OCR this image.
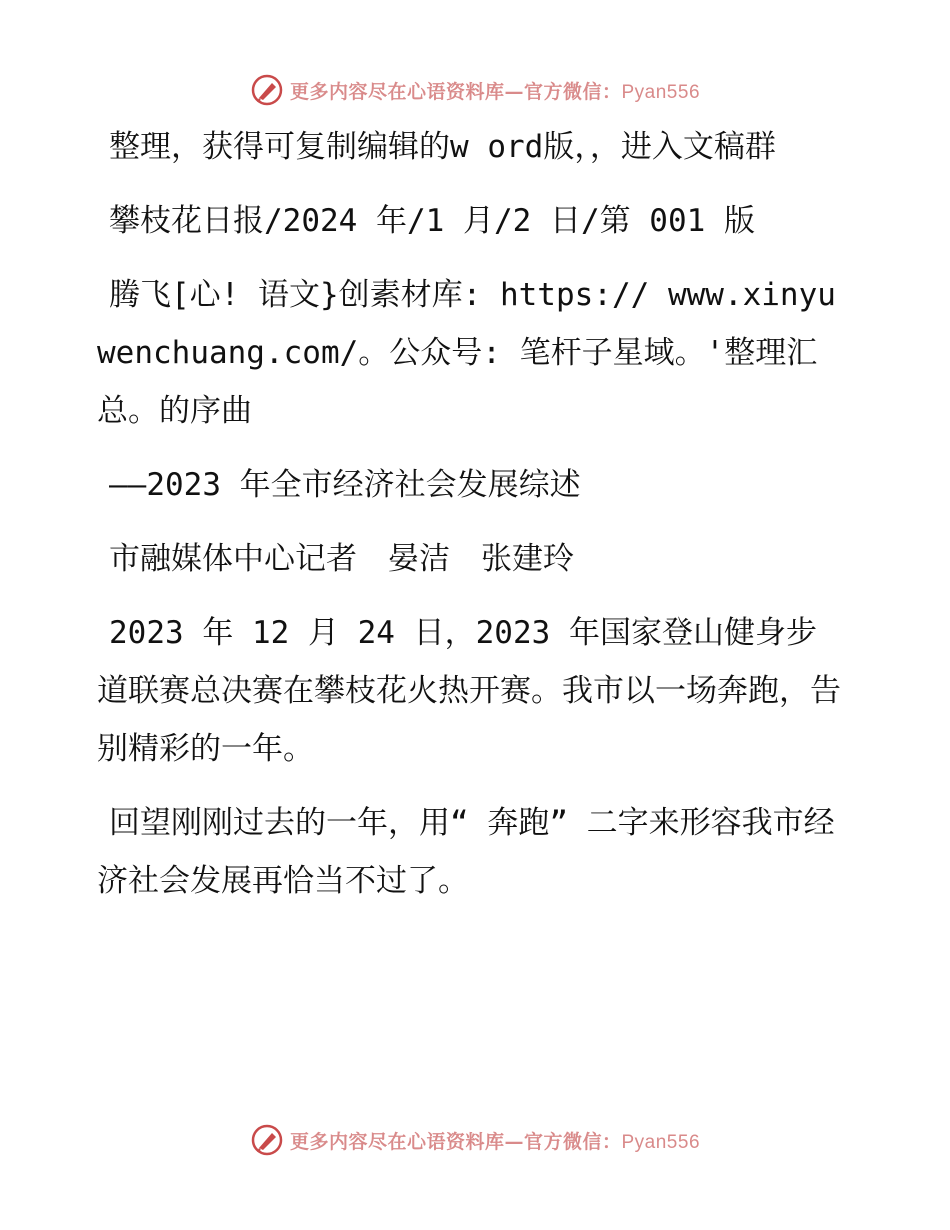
更多内容尽在心语资料库—官方微信：Pyan556

整理，获得可复制编辑的w ord版，，进入文稿群

攀枝花日报/2024 年/1 月/2 日/第 001 版

腾飞[心! 语文}创素材库: https:// www.xinyuwenchuang.com/。公众号: 笔杆子星域。'整理汇总。的序曲

——2023 年全市经济社会发展综述

市融媒体中心记者　晏洁　张建玲

2023 年 12 月 24 日，2023 年国家登山健身步道联赛总决赛在攀枝花火热开赛。我市以一场奔跑，告别精彩的一年。

回望刚刚过去的一年，用“ 奔跑” 二字来形容我市经济社会发展再恰当不过了。

更多内容尽在心语资料库—官方微信：Pyan556
